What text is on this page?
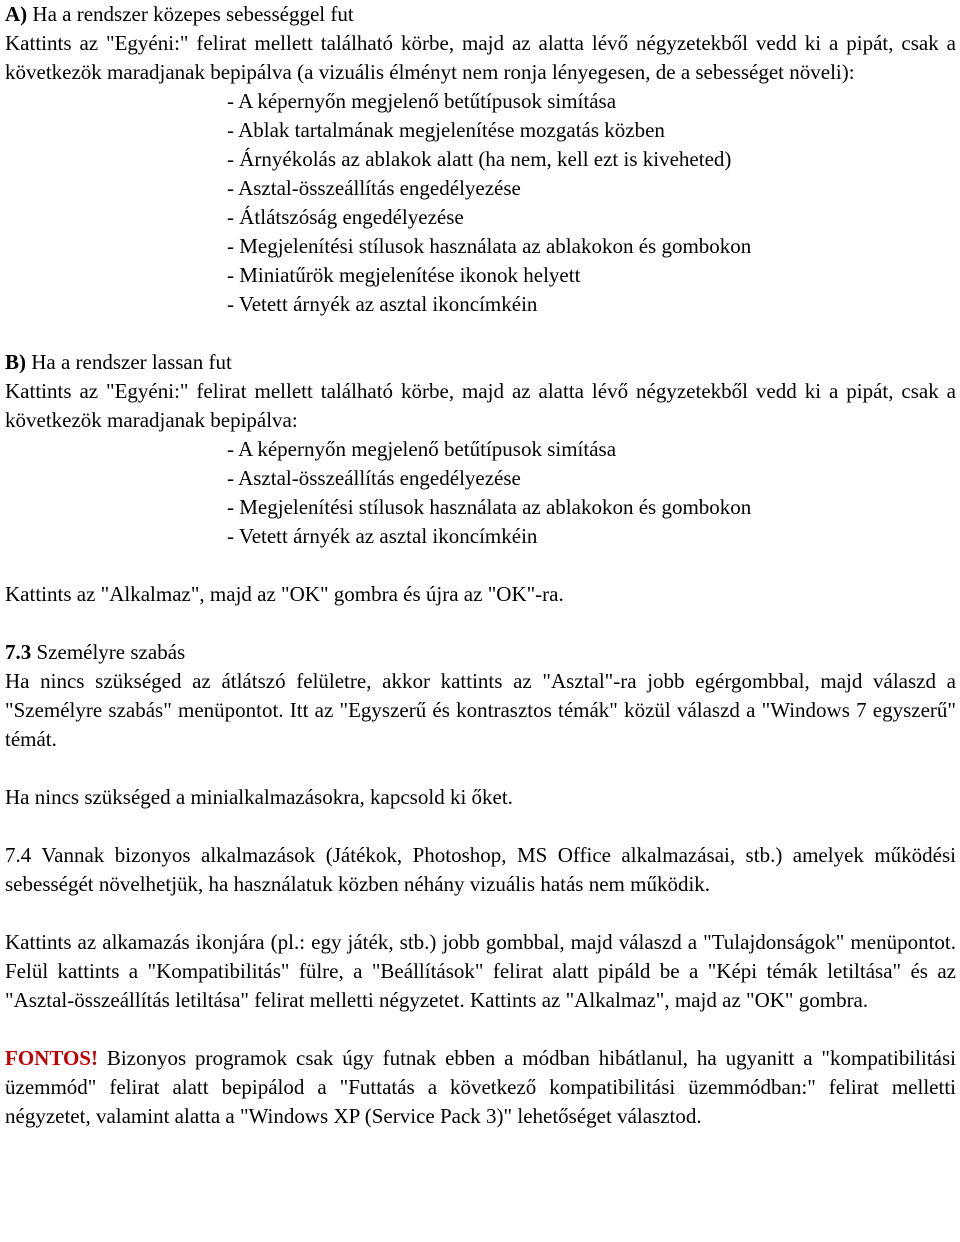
A) Ha a rendszer közepes sebességgel fut

Kattints az "Egyéni:" felirat mellett található körbe, majd az alatta lévő négyzetekből vedd ki a pipát, csak a következök maradjanak bepipálva (a vizuális élményt nem ronja lényegesen, de a sebességet növeli):

- A képernyőn megjelenő betűtípusok simítása
- Ablak tartalmának megjelenítése mozgatás közben
- Árnyékolás az ablakok alatt (ha nem, kell ezt is kiveheted)
- Asztal-összeállítás engedélyezése
- Átlátszóság engedélyezése
- Megjelenítési stílusok használata az ablakokon és gombokon
- Miniatűrök megjelenítése ikonok helyett
- Vetett árnyék az asztal ikoncímkéin

B) Ha a rendszer lassan fut

Kattints az "Egyéni:" felirat mellett található körbe, majd az alatta lévő négyzetekből vedd ki a pipát, csak a következök maradjanak bepipálva:

- A képernyőn megjelenő betűtípusok simítása
- Asztal-összeállítás engedélyezése
- Megjelenítési stílusok használata az ablakokon és gombokon
- Vetett árnyék az asztal ikoncímkéin

Kattints az "Alkalmaz", majd az "OK" gombra és újra az "OK"-ra.

7.3 Személyre szabás

Ha nincs szükséged az átlátszó felületre, akkor kattints az "Asztal"-ra jobb egérgombbal, majd válaszd a "Személyre szabás" menüpontot. Itt az "Egyszerű és kontrasztos témák" közül válaszd a "Windows 7 egyszerű" témát.

Ha nincs szükséged a minialkalmazásokra, kapcsold ki őket.

7.4 Vannak bizonyos alkalmazások (Játékok, Photoshop, MS Office alkalmazásai, stb.) amelyek működési sebességét növelhetjük, ha használatuk közben néhány vizuális hatás nem működik.

Kattints az alkamazás ikonjára (pl.: egy játék, stb.) jobb gombbal, majd válaszd a "Tulajdonságok" menüpontot. Felül kattints a "Kompatibilitás" fülre, a "Beállítások" felirat alatt pipáld be a "Képi témák letiltása" és az "Asztal-összeállítás letiltása" felirat melletti négyzetet. Kattints az "Alkalmaz", majd az "OK" gombra.

FONTOS! Bizonyos programok csak úgy futnak ebben a módban hibátlanul, ha ugyanitt a "kompatibilitási üzemmód" felirat alatt bepipálod a "Futtatás a következő kompatibilitási üzemmódban:" felirat melletti négyzetet, valamint alatta a "Windows XP (Service Pack 3)" lehetőséget választod.
